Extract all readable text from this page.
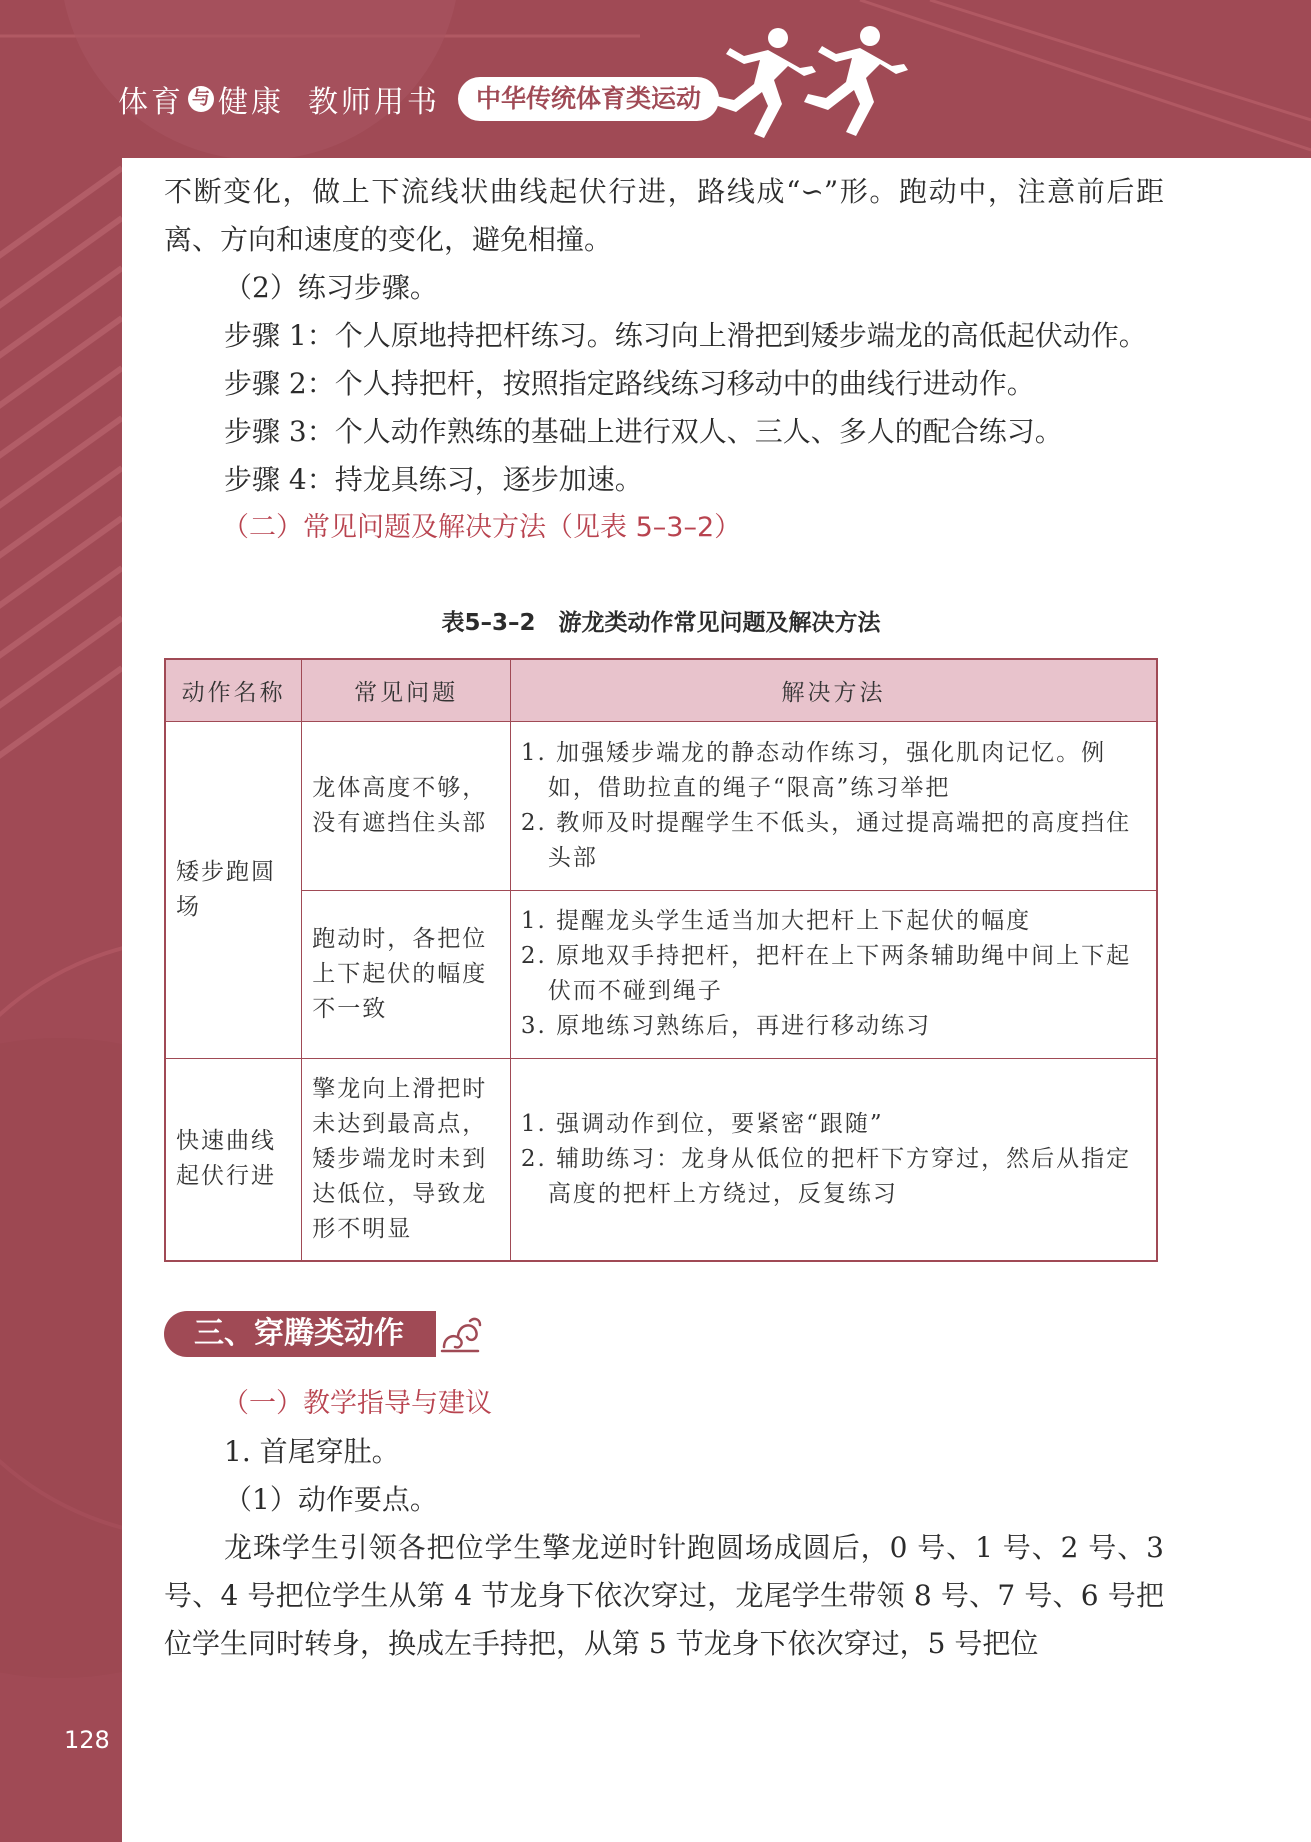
体育 与 健康 教师用书	中华传统体育类运动

不断变化，做上下流线状曲线起伏行进，路线成“∽”形。跑动中，注意前后距离、方向和速度的变化，避免相撞。

（2）练习步骤。

步骤 1：个人原地持把杆练习。练习向上滑把到矮步端龙的高低起伏动作。

步骤 2：个人持把杆，按照指定路线练习移动中的曲线行进动作。

步骤 3：个人动作熟练的基础上进行双人、三人、多人的配合练习。

步骤 4：持龙具练习，逐步加速。

（二）常见问题及解决方法（见表 5–3–2）

表5–3–2　游龙类动作常见问题及解决方法
动作名称	常见问题	解决方法
矮步跑圆场	龙体高度不够，没有遮挡住头部	1. 加强矮步端龙的静态动作练习，强化肌肉记忆。例如，借助拉直的绳子“限高”练习举把
2. 教师及时提醒学生不低头，通过提高端把的高度挡住头部

	跑动时，各把位上下起伏的幅度不一致	1. 提醒龙头学生适当加大把杆上下起伏的幅度
2. 原地双手持把杆，把杆在上下两条辅助绳中间上下起伏而不碰到绳子
3. 原地练习熟练后，再进行移动练习

快速曲线起伏行进	擎龙向上滑把时未达到最高点，矮步端龙时未到达低位，导致龙形不明显	1. 强调动作到位，要紧密“跟随”
2. 辅助练习：龙身从低位的把杆下方穿过，然后从指定高度的把杆上方绕过，反复练习
三、穿腾类动作

（一）教学指导与建议

1. 首尾穿肚。

（1）动作要点。

龙珠学生引领各把位学生擎龙逆时针跑圆场成圆后，0 号、1 号、2 号、3 号、4 号把位学生从第 4 节龙身下依次穿过，龙尾学生带领 8 号、7 号、6 号把位学生同时转身，换成左手持把，从第 5 节龙身下依次穿过，5 号把位

128
